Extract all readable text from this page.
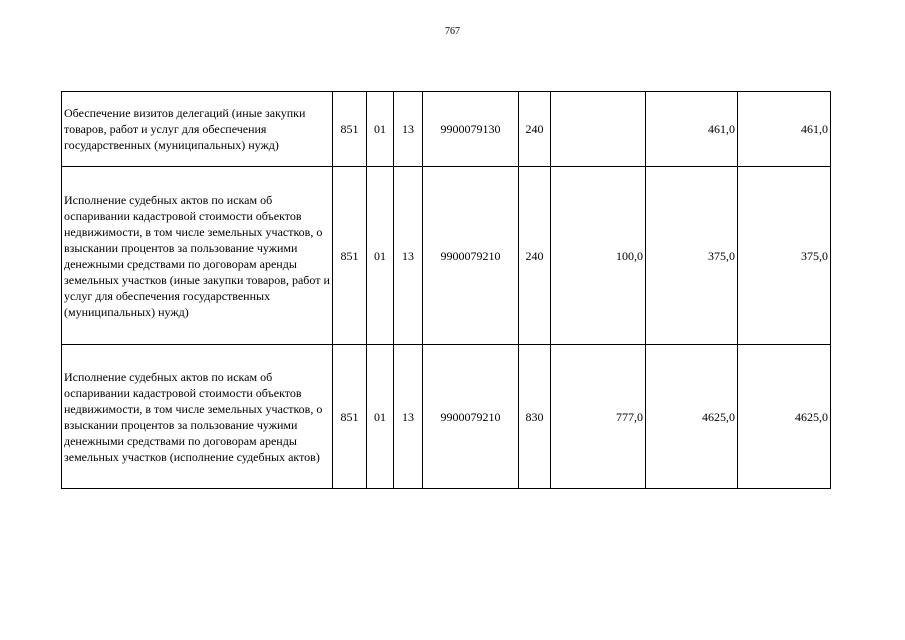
767
Обеспечение визитов делегаций (иные закупки товаров, работ и услуг для обеспечения государственных (муниципальных) нужд)	851	01	13	9900079130	240		461,0	461,0
Исполнение судебных актов по искам об оспаривании кадастровой стоимости объектов недвижимости, в том числе земельных участков, о взыскании процентов за пользование чужими денежными средствами по договорам аренды земельных участков (иные закупки товаров, работ и услуг для обеспечения государственных (муниципальных) нужд)	851	01	13	9900079210	240	100,0	375,0	375,0
Исполнение судебных актов по искам об оспаривании кадастровой стоимости объектов недвижимости, в том числе земельных участков, о взыскании процентов за пользование чужими денежными средствами по договорам аренды земельных участков (исполнение судебных актов)	851	01	13	9900079210	830	777,0	4625,0	4625,0
